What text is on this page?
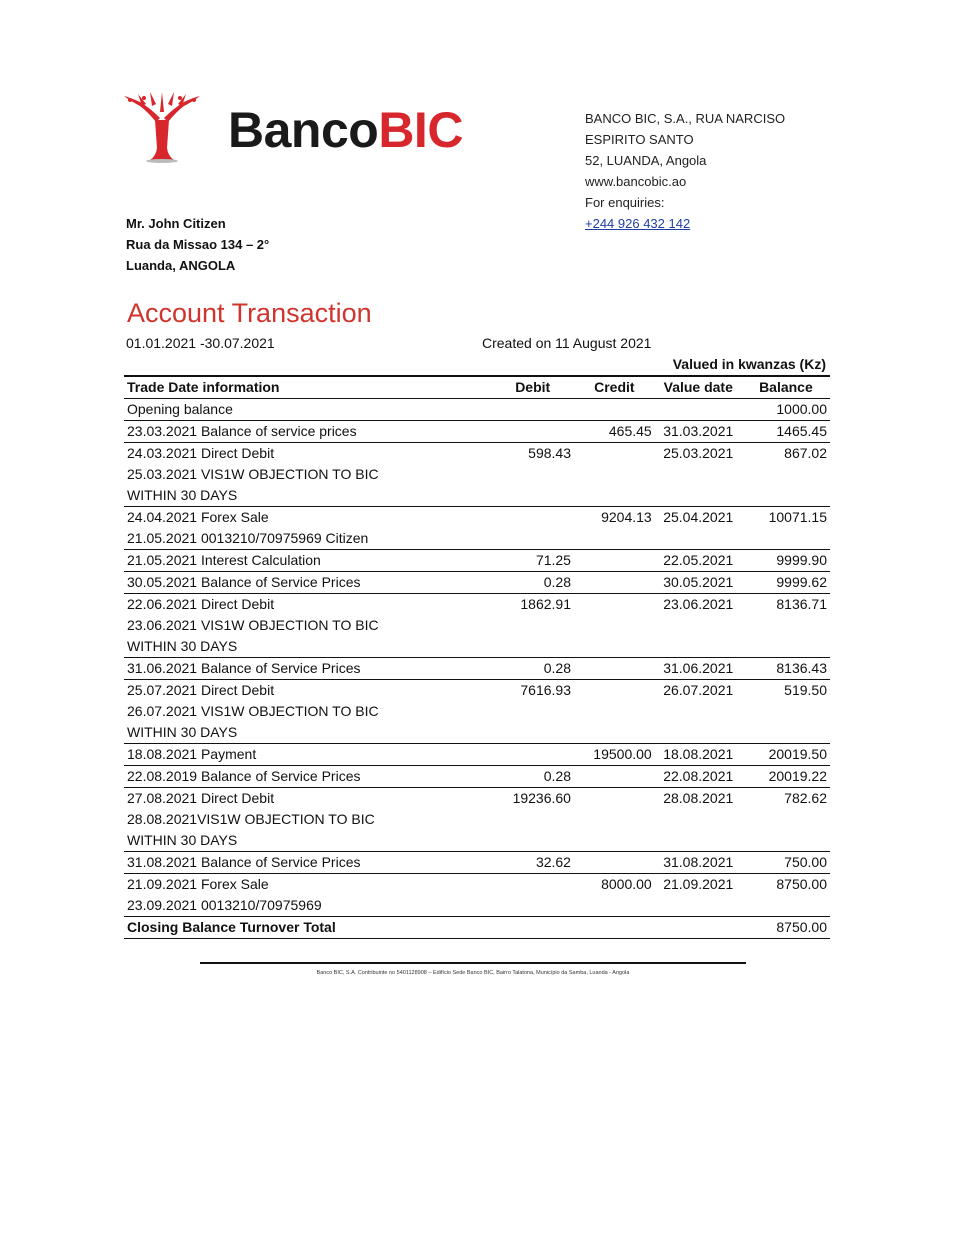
BancoBIC	BANCO BIC, S.A., RUA NARCISO
ESPIRITO SANTO
52, LUANDA, Angola
www.bancobic.ao
For enquiries:
+244 926 432 142
Mr. John Citizen
Rua da Missao 134 – 2°
Luanda, ANGOLA
Account Transaction
01.01.2021 -30.07.2021	Created on 11 August 2021
Valued in kwanzas (Kz)
Trade Date information	Debit	Credit	Value date	Balance
Opening balance				1000.00
23.03.2021 Balance of service prices		465.45	31.03.2021	1465.45
24.03.2021 Direct Debit	598.43		25.03.2021	867.02
25.03.2021 VIS1W OBJECTION TO BIC				
WITHIN 30 DAYS				
24.04.2021 Forex Sale		9204.13	25.04.2021	10071.15
21.05.2021 0013210/70975969 Citizen				
21.05.2021 Interest Calculation	71.25		22.05.2021	9999.90
30.05.2021 Balance of Service Prices	0.28		30.05.2021	9999.62
22.06.2021 Direct Debit	1862.91		23.06.2021	8136.71
23.06.2021 VIS1W OBJECTION TO BIC				
WITHIN 30 DAYS				
31.06.2021 Balance of Service Prices	0.28		31.06.2021	8136.43
25.07.2021 Direct Debit	7616.93		26.07.2021	519.50
26.07.2021 VIS1W OBJECTION TO BIC				
WITHIN 30 DAYS				
18.08.2021 Payment		19500.00	18.08.2021	20019.50
22.08.2019 Balance of Service Prices	0.28		22.08.2021	20019.22
27.08.2021 Direct Debit	19236.60		28.08.2021	782.62
28.08.2021VIS1W OBJECTION TO BIC				
WITHIN 30 DAYS				
31.08.2021 Balance of Service Prices	32.62		31.08.2021	750.00
21.09.2021 Forex Sale		8000.00	21.09.2021	8750.00
23.09.2021 0013210/70975969				
Closing Balance Turnover Total				8750.00
Banco BIC, S.A. Contribuinte no 5401128908 – Edifício Sede Banco BIC, Bairro Talatona, Município da Samba, Luanda - Angola
